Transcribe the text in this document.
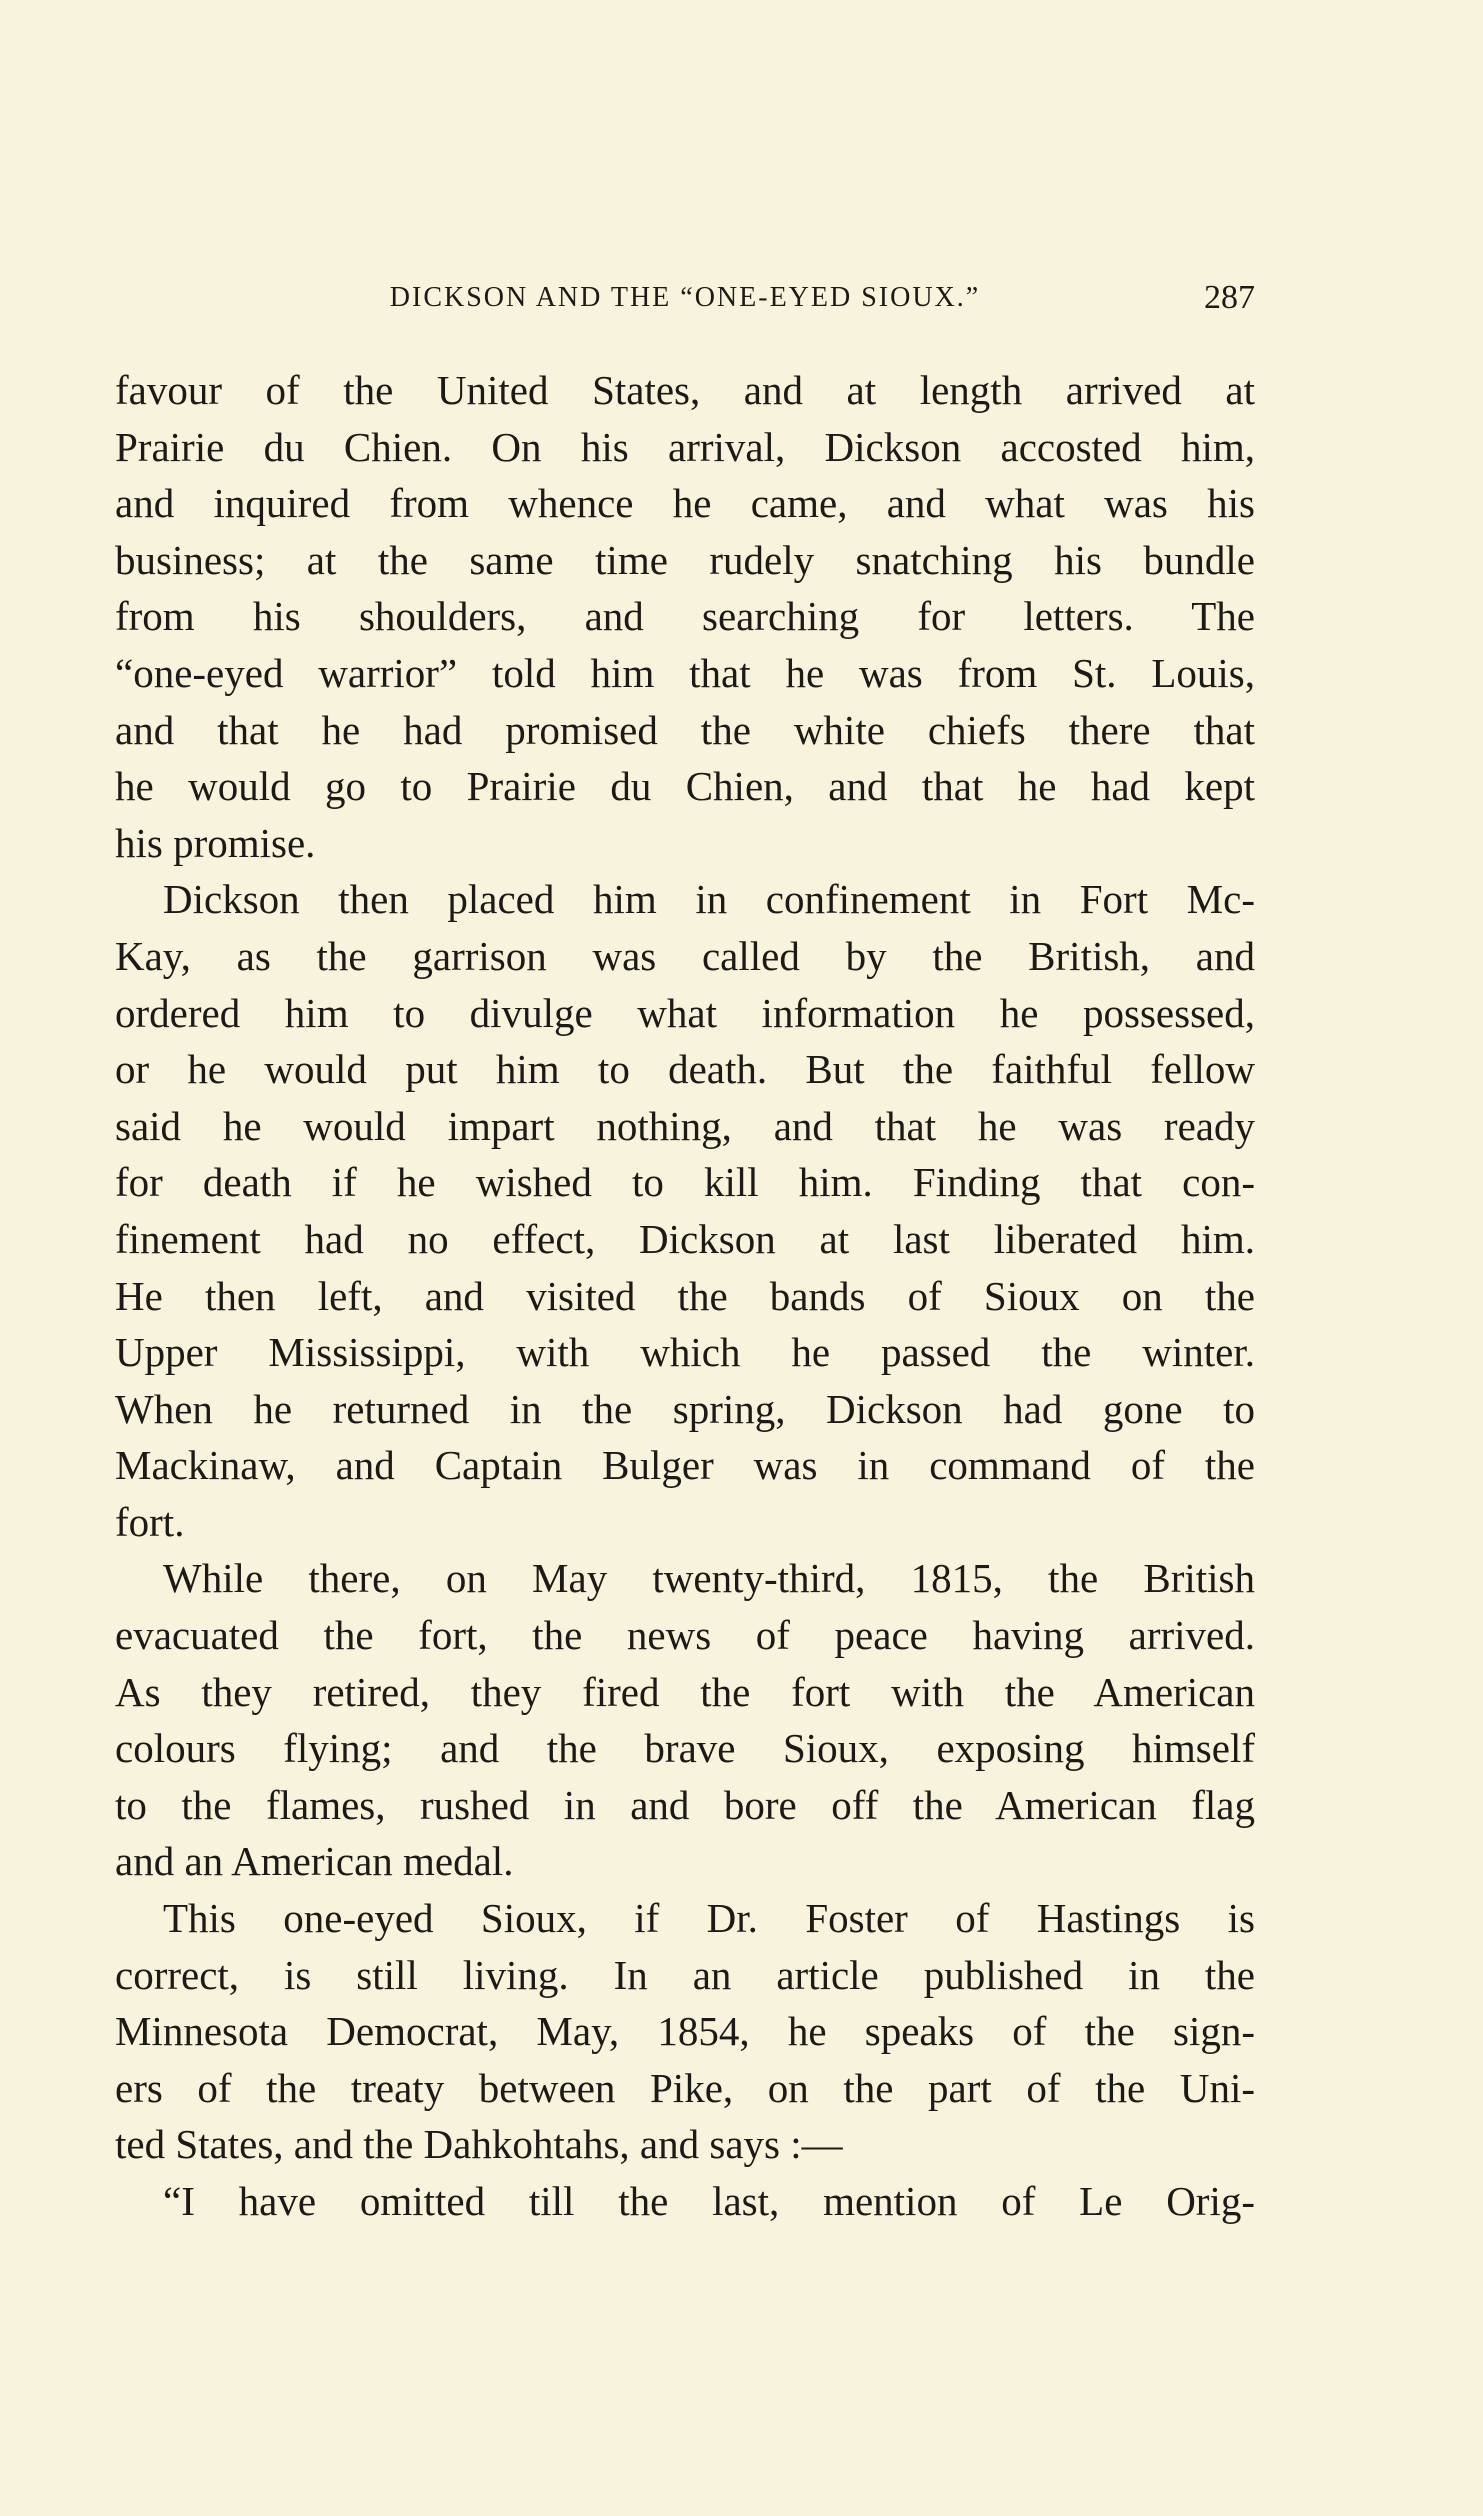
DICKSON AND THE “ONE-EYED SIOUX.”	287
favour of the United States, and at length arrived at
Prairie du Chien. On his arrival, Dickson accosted him,
and inquired from whence he came, and what was his
business; at the same time rudely snatching his bundle
from his shoulders, and searching for letters. The
“one-eyed warrior” told him that he was from St. Louis,
and that he had promised the white chiefs there that
he would go to Prairie du Chien, and that he had kept
his promise.
Dickson then placed him in confinement in Fort Mc-
Kay, as the garrison was called by the British, and
ordered him to divulge what information he possessed,
or he would put him to death. But the faithful fellow
said he would impart nothing, and that he was ready
for death if he wished to kill him. Finding that con-
finement had no effect, Dickson at last liberated him.
He then left, and visited the bands of Sioux on the
Upper Mississippi, with which he passed the winter.
When he returned in the spring, Dickson had gone to
Mackinaw, and Captain Bulger was in command of the
fort.
While there, on May twenty-third, 1815, the British
evacuated the fort, the news of peace having arrived.
As they retired, they fired the fort with the American
colours flying; and the brave Sioux, exposing himself
to the flames, rushed in and bore off the American flag
and an American medal.
This one-eyed Sioux, if Dr. Foster of Hastings is
correct, is still living. In an article published in the
Minnesota Democrat, May, 1854, he speaks of the sign-
ers of the treaty between Pike, on the part of the Uni-
ted States, and the Dahkohtahs, and says :—
“I have omitted till the last, mention of Le Orig-
